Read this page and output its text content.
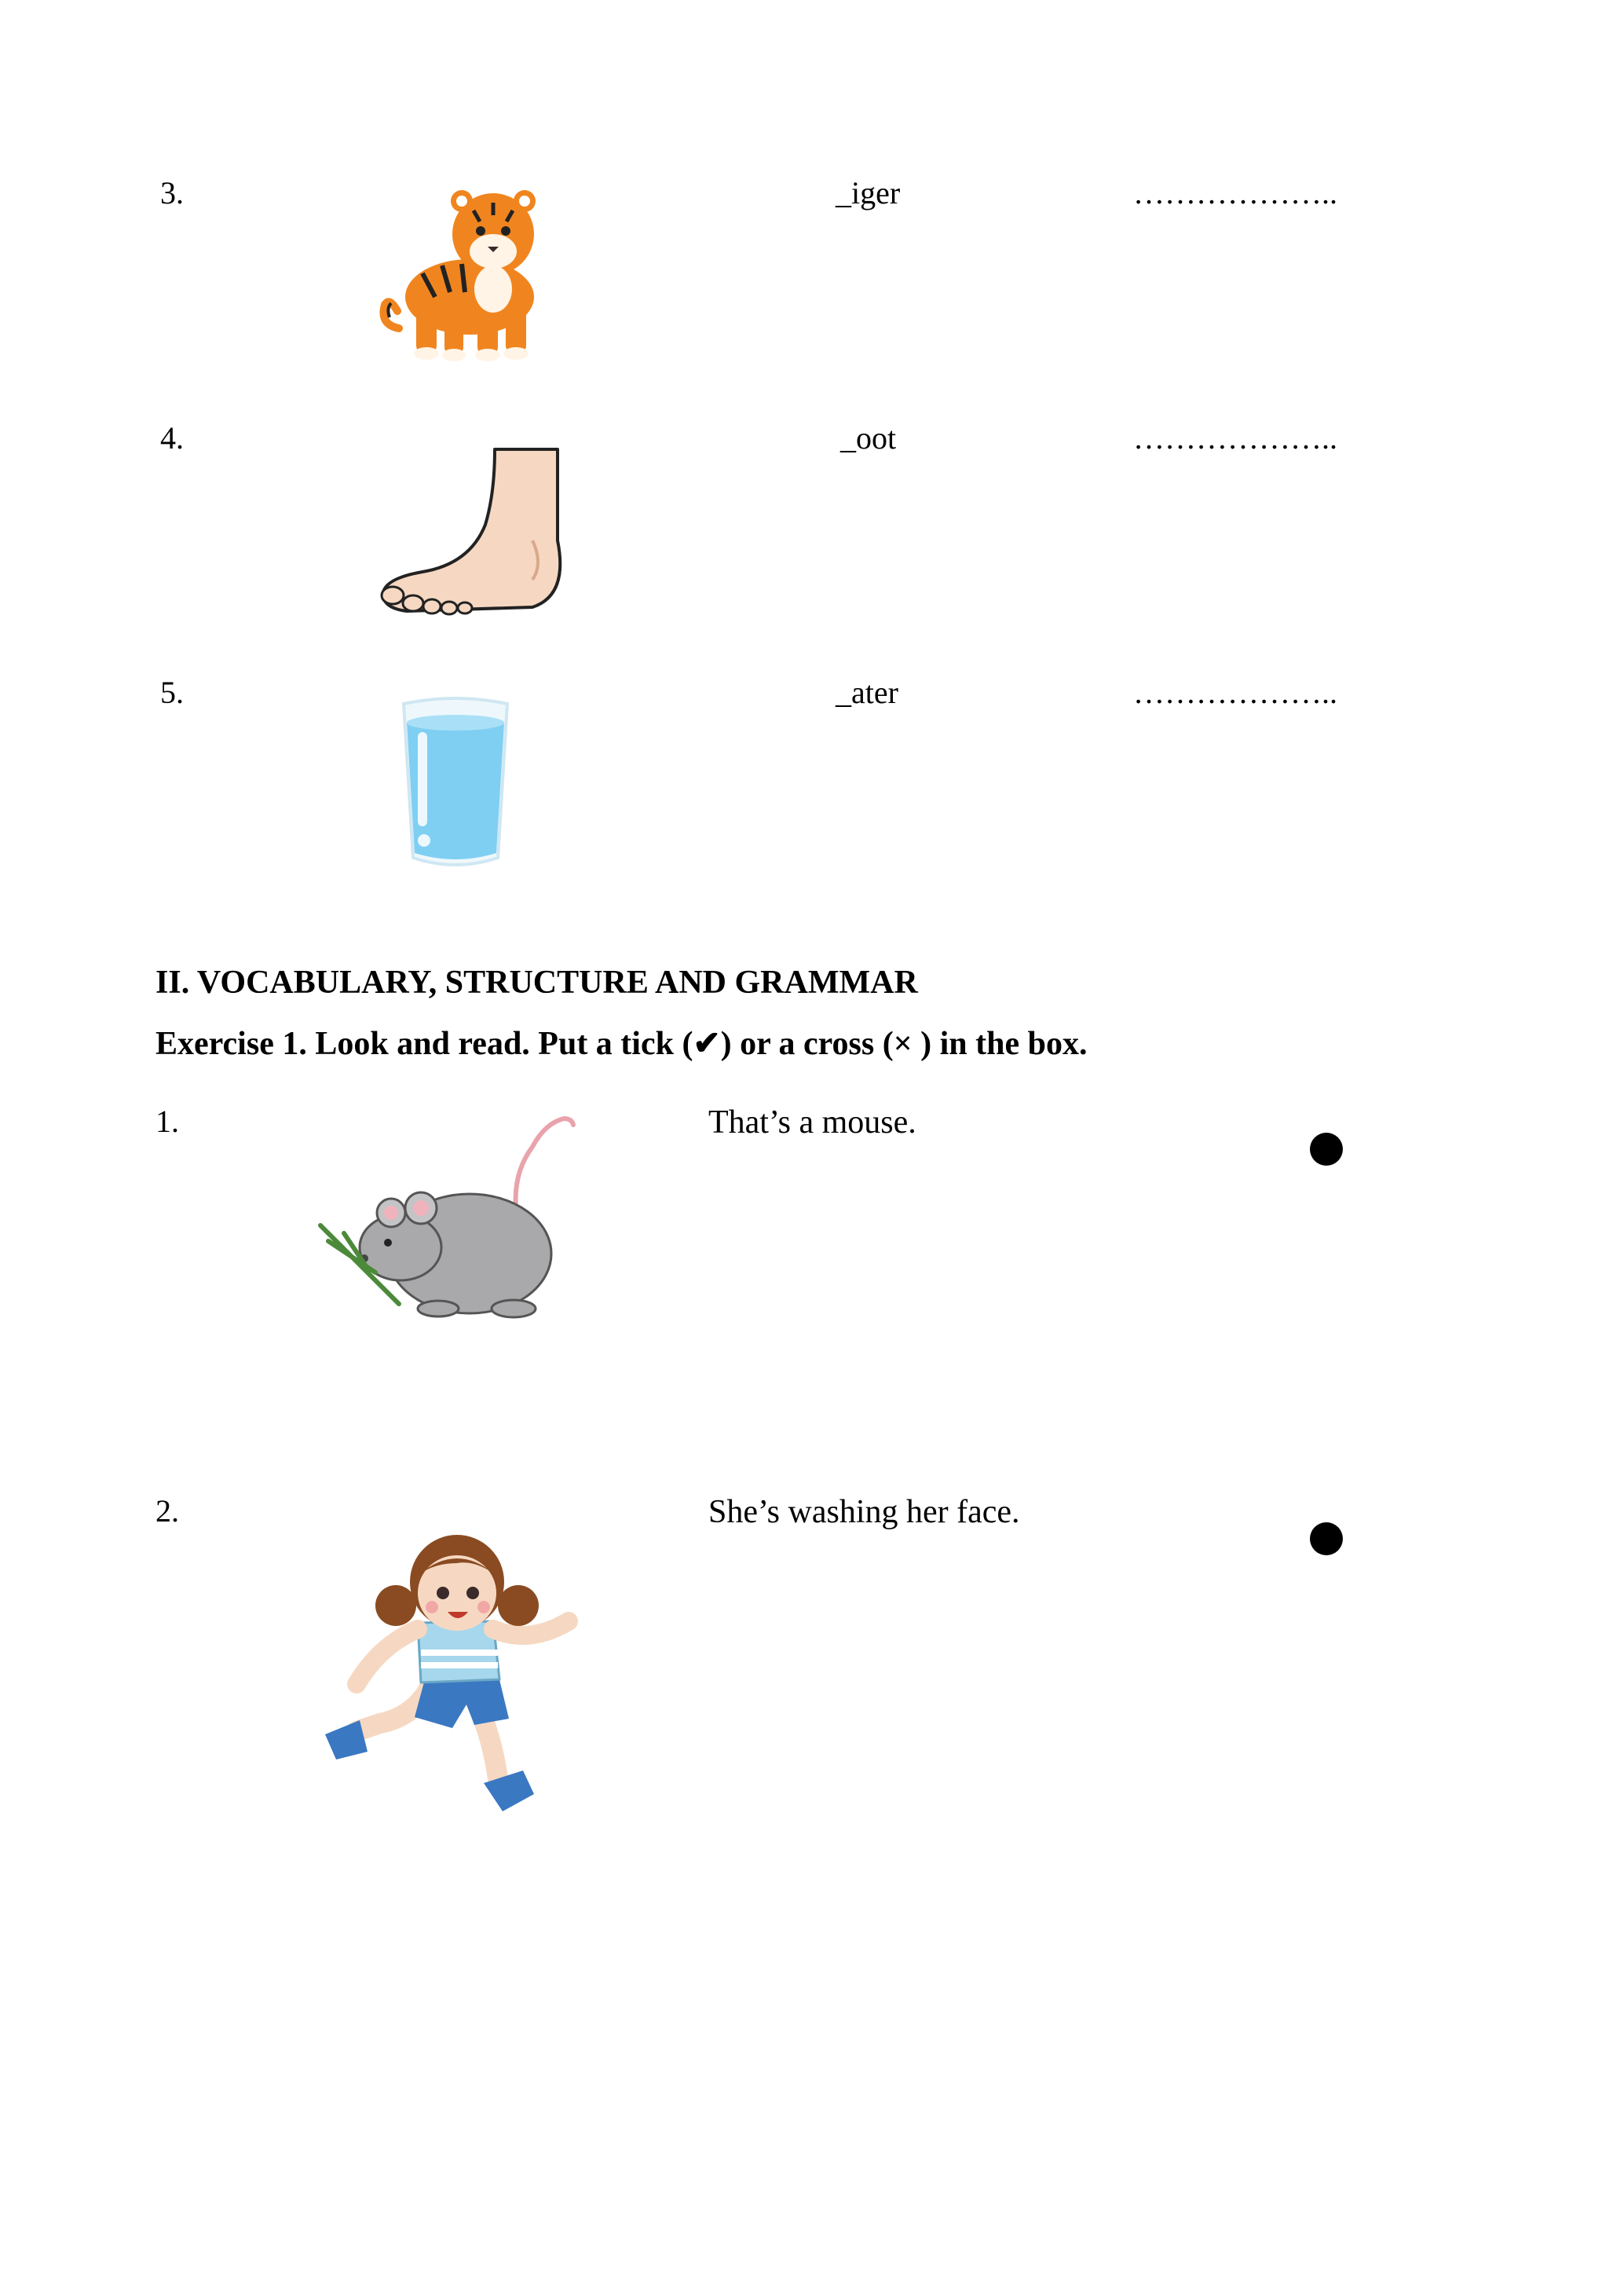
3.	_iger	………………..
4.	_oot	………………..
5.	_ater	………………..
II. VOCABULARY, STRUCTURE AND GRAMMAR
Exercise 1. Look and read. Put a tick (✔) or a cross (× ) in the box.
1.	That’s a mouse.
2.	She’s washing her face.
